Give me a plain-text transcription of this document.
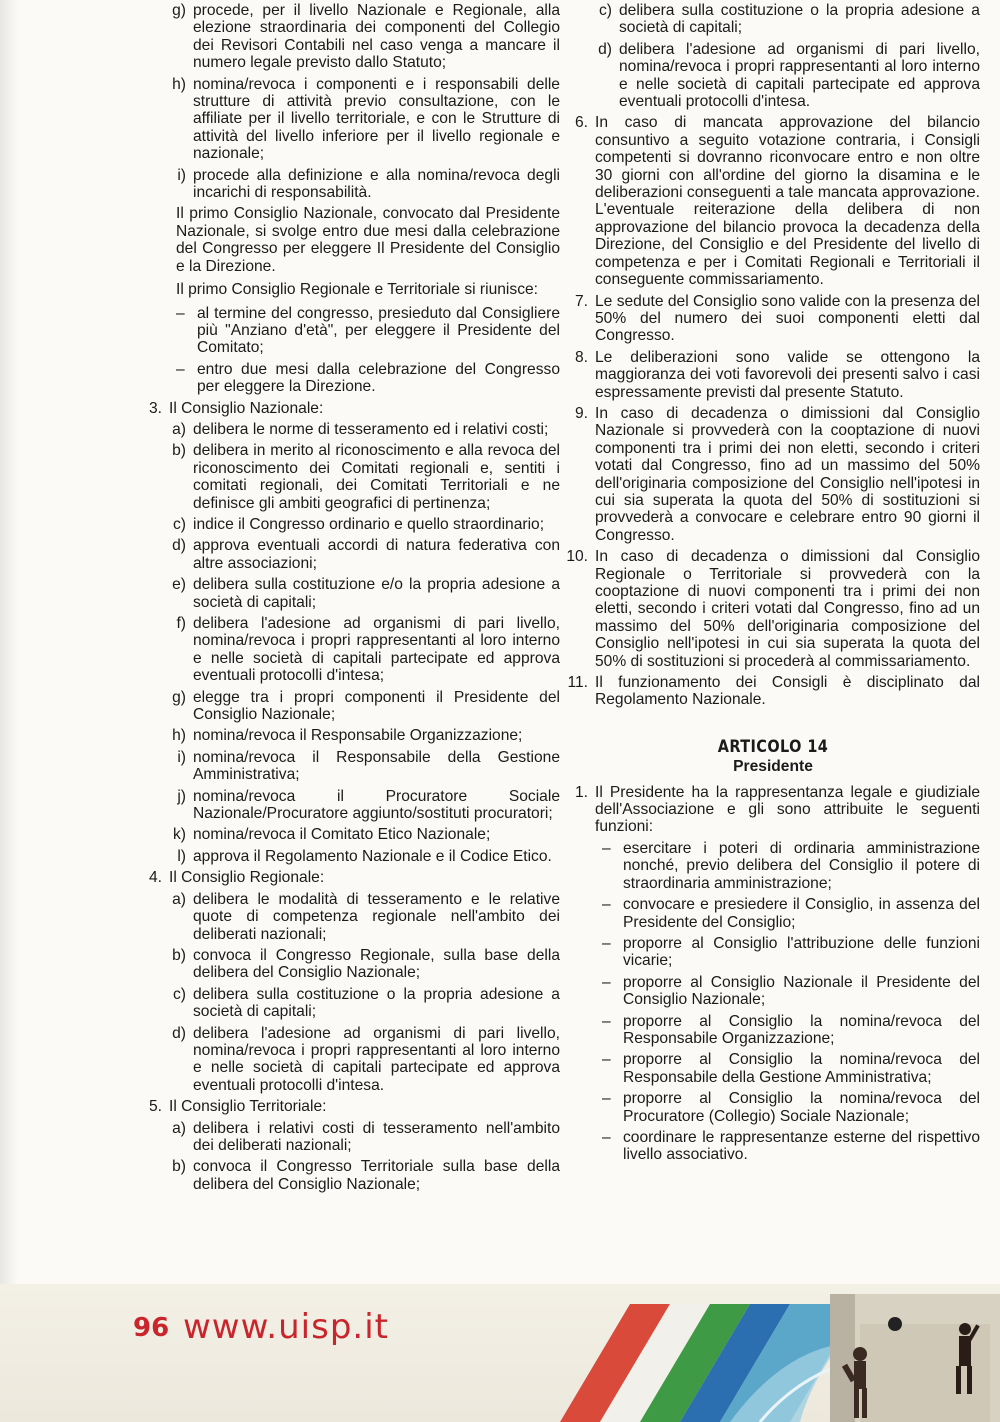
g) procede, per il livello Nazionale e Regionale, alla elezione straordinaria dei componenti del Collegio dei Revisori Contabili nel caso venga a mancare il numero legale previsto dallo Statuto;
h) nomina/revoca i componenti e i responsabili delle strutture di attività previo consultazione, con le affiliate per il livello territoriale, e con le Strutture di attività del livello inferiore per il livello regionale e nazionale;
i) procede alla definizione e alla nomina/revoca degli incarichi di responsabilità.

Il primo Consiglio Nazionale, convocato dal Presidente Nazionale, si svolge entro due mesi dalla celebrazione del Congresso per eleggere Il Presidente del Consiglio e la Direzione.

Il primo Consiglio Regionale e Territoriale si riunisce:

– al termine del congresso, presieduto dal Consigliere più "Anziano d'età", per eleggere il Presidente del Comitato;
– entro due mesi dalla celebrazione del Congresso per eleggere la Direzione.
3. Il Consiglio Nazionale:
a) delibera le norme di tesseramento ed i relativi costi;
b) delibera in merito al riconoscimento e alla revoca del riconoscimento dei Comitati regionali e, sentiti i comitati regionali, dei Comitati Territoriali e ne definisce gli ambiti geografici di pertinenza;
c) indice il Congresso ordinario e quello straordinario;
d) approva eventuali accordi di natura federativa con altre associazioni;
e) delibera sulla costituzione e/o la propria adesione a società di capitali;
f) delibera l'adesione ad organismi di pari livello, nomina/revoca i propri rappresentanti al loro interno e nelle società di capitali partecipate ed approva eventuali protocolli d'intesa;
g) elegge tra i propri componenti il Presidente del Consiglio Nazionale;
h) nomina/revoca il Responsabile Organizzazione;
i) nomina/revoca il Responsabile della Gestione Amministrativa;
j) nomina/revoca il Procuratore Sociale Nazionale/Procuratore aggiunto/sostituti procuratori;
k) nomina/revoca il Comitato Etico Nazionale;
l) approva il Regolamento Nazionale e il Codice Etico.
4. Il Consiglio Regionale:
a) delibera le modalità di tesseramento e le relative quote di competenza regionale nell'ambito dei deliberati nazionali;
b) convoca il Congresso Regionale, sulla base della delibera del Consiglio Nazionale;
c) delibera sulla costituzione o la propria adesione a società di capitali;
d) delibera l'adesione ad organismi di pari livello, nomina/revoca i propri rappresentanti al loro interno e nelle società di capitali partecipate ed approva eventuali protocolli d'intesa.
5. Il Consiglio Territoriale:
a) delibera i relativi costi di tesseramento nell'ambito dei deliberati nazionali;
b) convoca il Congresso Territoriale sulla base della delibera del Consiglio Nazionale;
c) delibera sulla costituzione o la propria adesione a società di capitali;
d) delibera l'adesione ad organismi di pari livello, nomina/revoca i propri rappresentanti al loro interno e nelle società di capitali partecipate ed approva eventuali protocolli d'intesa.
6. In caso di mancata approvazione del bilancio consuntivo a seguito votazione contraria, i Consigli competenti si dovranno riconvocare entro e non oltre 30 giorni con all'ordine del giorno la disamina e le deliberazioni conseguenti a tale mancata approvazione. L'eventuale reiterazione della delibera di non approvazione del bilancio provoca la decadenza della Direzione, del Consiglio e del Presidente del livello di competenza e per i Comitati Regionali e Territoriali il conseguente commissariamento.
7. Le sedute del Consiglio sono valide con la presenza del 50% del numero dei suoi componenti eletti dal Congresso.
8. Le deliberazioni sono valide se ottengono la maggioranza dei voti favorevoli dei presenti salvo i casi espressamente previsti dal presente Statuto.
9. In caso di decadenza o dimissioni dal Consiglio Nazionale si provvederà con la cooptazione di nuovi componenti tra i primi dei non eletti, secondo i criteri votati dal Congresso, fino ad un massimo del 50% dell'originaria composizione del Consiglio nell'ipotesi in cui sia superata la quota del 50% di sostituzioni si provvederà a convocare e celebrare entro 90 giorni il Congresso.
10. In caso di decadenza o dimissioni dal Consiglio Regionale o Territoriale si provvederà con la cooptazione di nuovi componenti tra i primi dei non eletti, secondo i criteri votati dal Congresso, fino ad un massimo del 50% dell'originaria composizione del Consiglio nell'ipotesi in cui sia superata la quota del 50% di sostituzioni si procederà al commissariamento.
11. Il funzionamento dei Consigli è disciplinato dal Regolamento Nazionale.
ARTICOLO 14
Presidente
1. Il Presidente ha la rappresentanza legale e giudiziale dell'Associazione e gli sono attribuite le seguenti funzioni:
– esercitare i poteri di ordinaria amministrazione nonché, previo delibera del Consiglio il potere di straordinaria amministrazione;
– convocare e presiedere il Consiglio, in assenza del Presidente del Consiglio;
– proporre al Consiglio l'attribuzione delle funzioni vicarie;
– proporre al Consiglio Nazionale il Presidente del Consiglio Nazionale;
– proporre al Consiglio la nomina/revoca del Responsabile Organizzazione;
– proporre al Consiglio la nomina/revoca del Responsabile della Gestione Amministrativa;
– proporre al Consiglio la nomina/revoca del Procuratore (Collegio) Sociale Nazionale;
– coordinare le rappresentanze esterne del rispettivo livello associativo.
96 www.uisp.it
